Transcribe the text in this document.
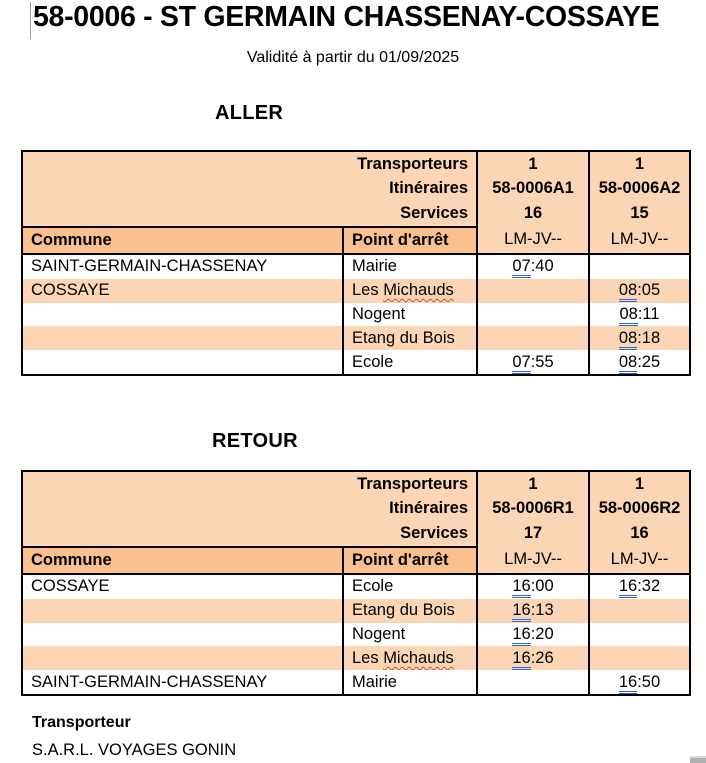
58-0006 - ST GERMAIN CHASSENAY-COSSAYE
Validité à partir du 01/09/2025
ALLER
Transporteurs		1	1
Itinéraires		58-0006A1	58-0006A2
Services		16	15
Commune	Point d'arrêt	LM-JV--	LM-JV--
SAINT-GERMAIN-CHASSENAY	Mairie	07:40	
COSSAYE	Les Michauds		08:05
	Nogent		08:11
	Etang du Bois		08:18
	Ecole	07:55	08:25
RETOUR
Transporteurs		1	1
Itinéraires		58-0006R1	58-0006R2
Services		17	16
Commune	Point d'arrêt	LM-JV--	LM-JV--
COSSAYE	Ecole	16:00	16:32
	Etang du Bois	16:13	
	Nogent	16:20	
	Les Michauds	16:26	
SAINT-GERMAIN-CHASSENAY	Mairie		16:50
Transporteur
S.A.R.L. VOYAGES GONIN
